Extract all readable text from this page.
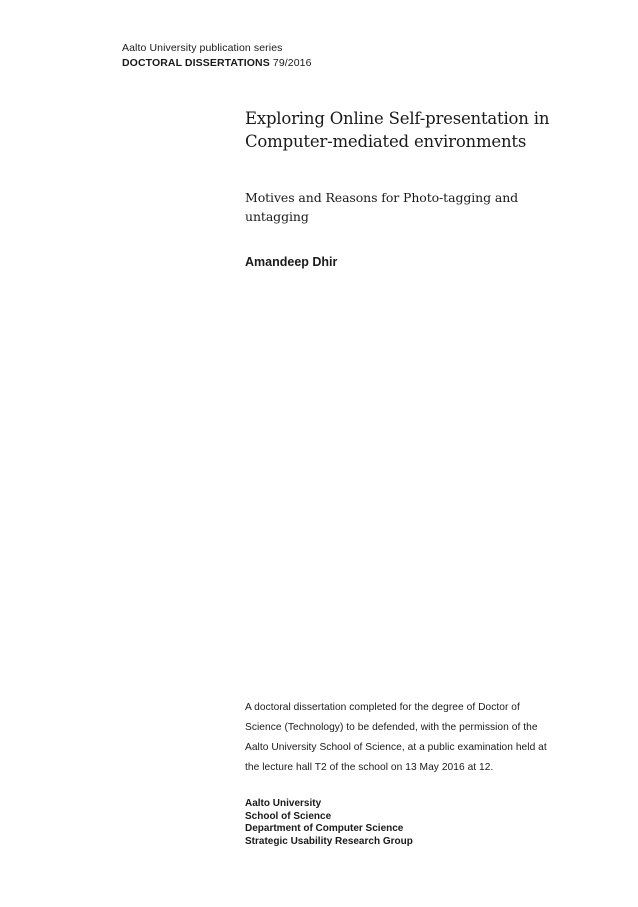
Aalto University publication series
DOCTORAL DISSERTATIONS 79/2016
Exploring Online Self-presentation in
Computer-mediated environments
Motives and Reasons for Photo-tagging and
untagging
Amandeep Dhir
A doctoral dissertation completed for the degree of Doctor of
Science (Technology) to be defended, with the permission of the
Aalto University School of Science, at a public examination held at
the lecture hall T2 of the school on 13 May 2016 at 12.
Aalto University
School of Science
Department of Computer Science
Strategic Usability Research Group
